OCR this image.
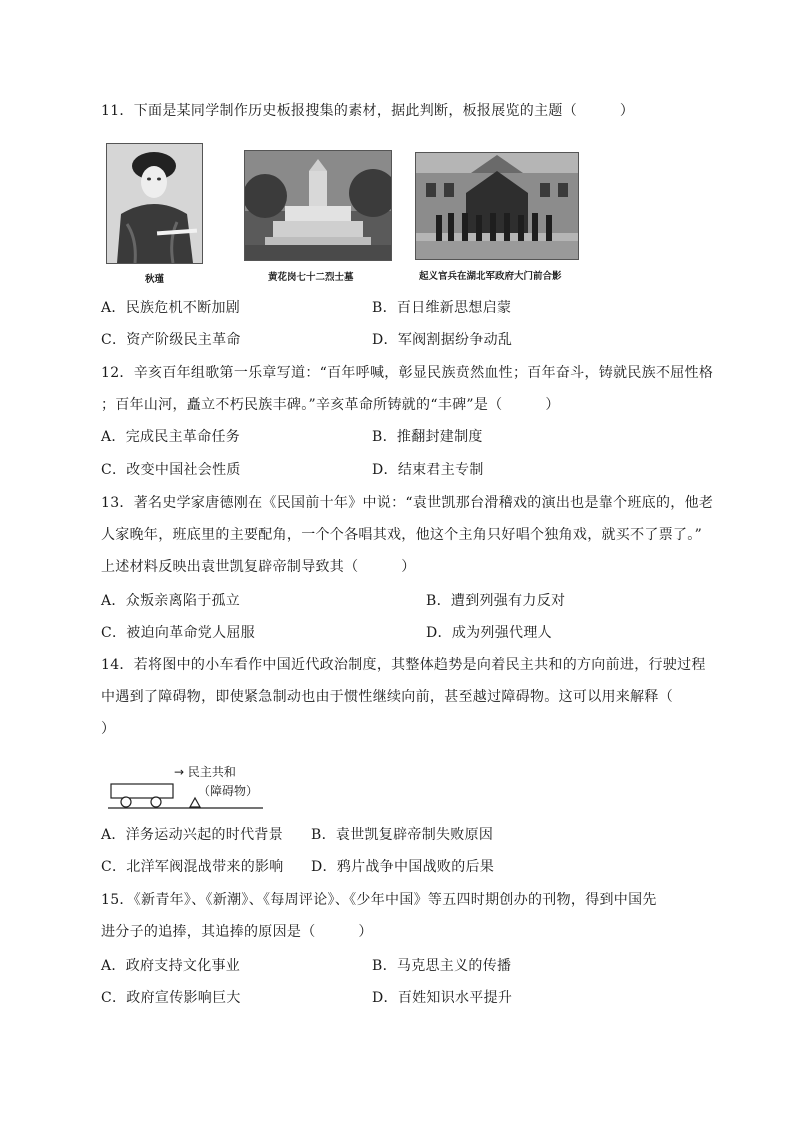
11．下面是某同学制作历史板报搜集的素材，据此判断，板报展览的主题（　　　）
秋瑾	黄花岗七十二烈士墓	起义官兵在湖北军政府大门前合影
A．民族危机不断加剧	B．百日维新思想启蒙
C．资产阶级民主革命	D．军阀割据纷争动乱
12．辛亥百年组歌第一乐章写道：“百年呼喊，彰显民族贲然血性；百年奋斗，铸就民族不屈性格
；百年山河，矗立不朽民族丰碑。”辛亥革命所铸就的“丰碑”是（　　　）
A．完成民主革命任务	B．推翻封建制度
C．改变中国社会性质	D．结束君主专制
13．著名史学家唐德刚在《民国前十年》中说：“袁世凯那台滑稽戏的演出也是靠个班底的，他老
人家晚年，班底里的主要配角，一个个各唱其戏，他这个主角只好唱个独角戏，就买不了票了。”
上述材料反映出袁世凯复辟帝制导致其（　　　）
A．众叛亲离陷于孤立	B．遭到列强有力反对
C．被迫向革命党人屈服	D．成为列强代理人
14．若将图中的小车看作中国近代政治制度，其整体趋势是向着民主共和的方向前进，行驶过程
中遇到了障碍物，即使紧急制动也由于惯性继续向前，甚至越过障碍物。这可以用来解释（
）
→ 民主共和
（障碍物）
A．洋务运动兴起的时代背景 B．袁世凯复辟帝制失败原因
C．北洋军阀混战带来的影响 D．鸦片战争中国战败的后果
15．《新青年》、《新潮》、《每周评论》、《少年中国》等五四时期创办的刊物，得到中国先
进分子的追捧，其追捧的原因是（　　　）
A．政府支持文化事业	B．马克思主义的传播
C．政府宣传影响巨大	D．百姓知识水平提升
